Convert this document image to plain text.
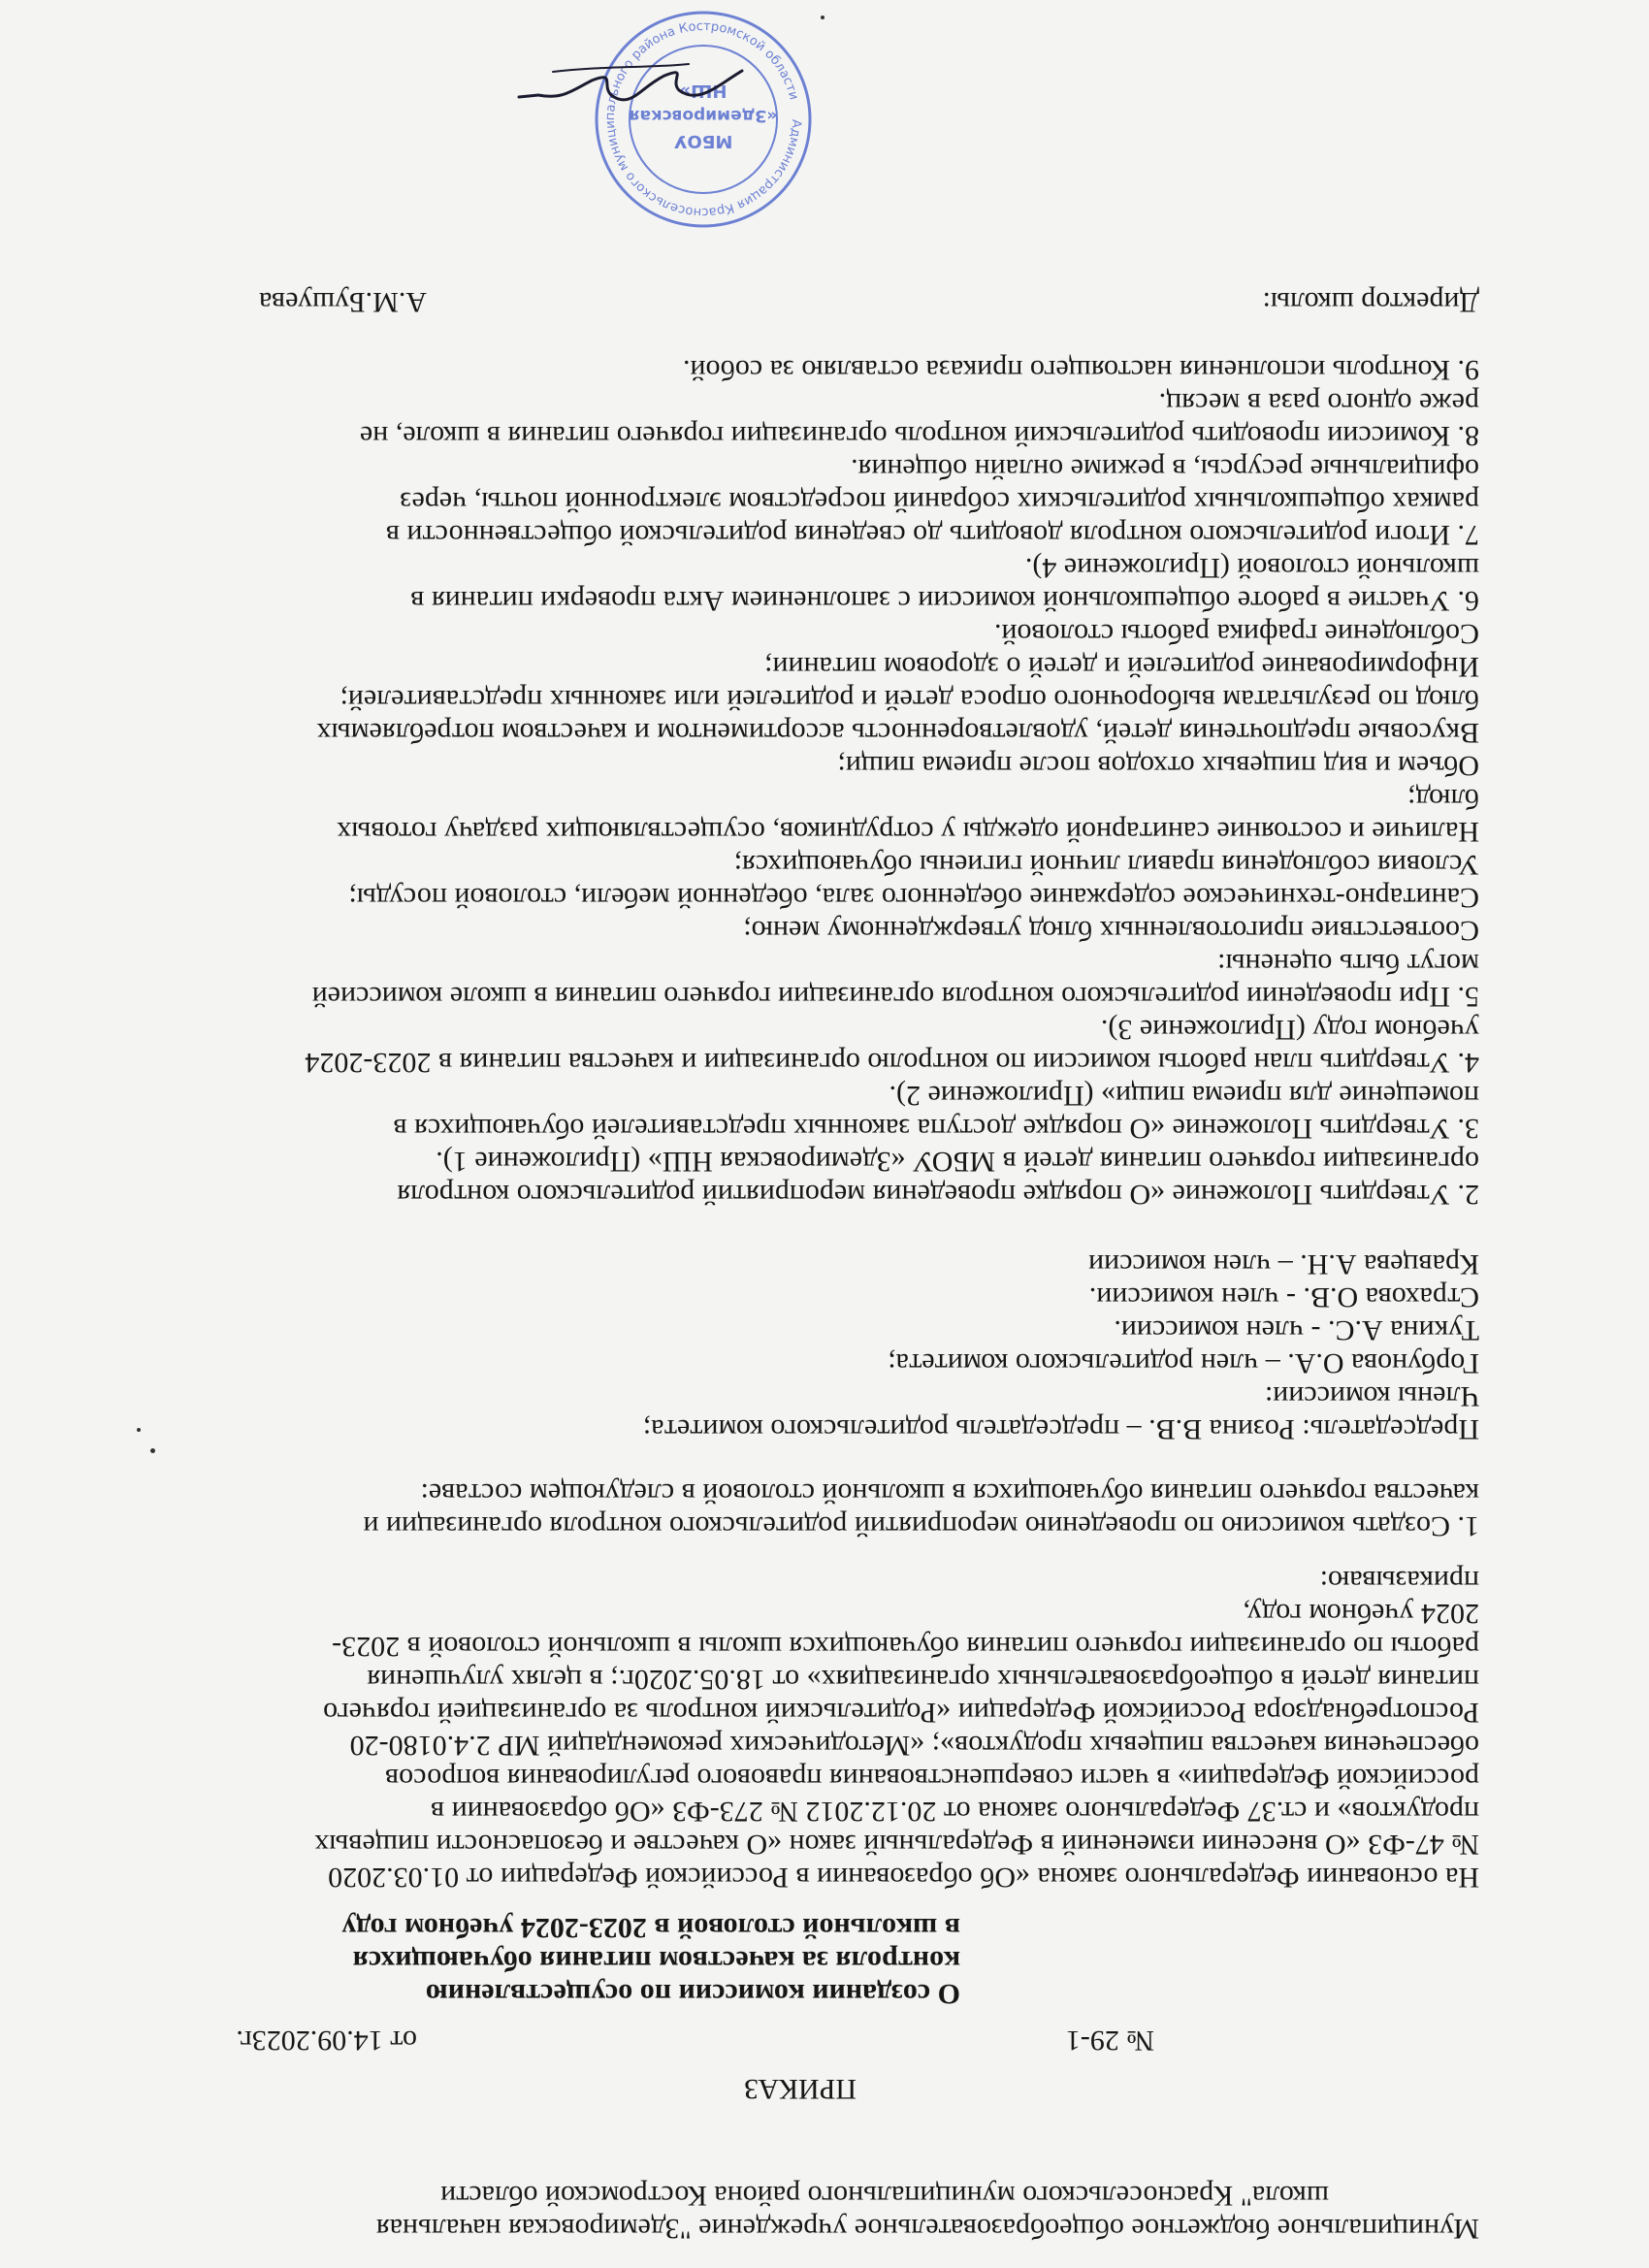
Муниципальное бюджетное общеобразовательное учреждение "Здемировская начальная

школа" Красносельского муниципального района Костромской области

ПРИКАЗ

№ 29-1

от 14.09.2023г.

О создании комиссии по осуществлению

контроля за качеством питания обучающихся

в школьной столовой в 2023-2024 учебном году

На основании Федерального закона «Об образовании в Российской Федерации от 01.03.2020

№ 47-ФЗ «О внесении изменений в Федеральный закон «О качестве и безопасности пищевых

продуктов» и ст.37 Федерального закона от 20.12.2012 № 273-ФЗ «Об образовании в

российской Федерации» в части совершенствования правового регулирования вопросов

обеспечения качества пищевых продуктов»; «Методических рекомендаций МР 2.4.0180-20

Роспотребнадзора Российской Федерации «Родительский контроль за организацией горячего

питания детей в общеобразовательных организациях» от 18.05.2020г.; в целях улучшения

работы по организации горячего питания обучающихся школы в школьной столовой в 2023-

2024 учебном году,

приказываю:

1. Создать комиссию по проведению мероприятий родительского контроля организации и

качества горячего питания обучающихся в школьной столовой в следующем составе:

Председатель: Розина В.В. – председатель родительского комитета;

Члены комиссии:

Горбунова О.А. – член родительского комитета;

Тукина А.С. - член комиссии.

Страхова О.В. - член комиссии.

Кравцева А.Н. – член комиссии

2. Утвердить Положение «О порядке проведения мероприятий родительского контроля

организации горячего питания детей в МБОУ «Здемировская НШ» (Приложение 1).

3. Утвердить Положение «О порядке доступа законных представителей обучающихся в

помещение для приема пищи» (Приложение 2).

4. Утвердить план работы комиссии по контролю организации и качества питания в 2023-2024

учебном году (Приложение 3).

5. При проведении родительского контроля организации горячего питания в школе комиссией

могут быть оценены:

Соответствие приготовленных блюд утвержденному меню;

Санитарно-техническое содержание обеденного зала, обеденной мебели, столовой посуды;

Условия соблюдения правил личной гигиены обучающихся;

Наличие и состояние санитарной одежды у сотрудников, осуществляющих раздачу готовых

блюд;

Объем и вид пищевых отходов после приема пищи;

Вкусовые предпочтения детей, удовлетворенность ассортиментом и качеством потребляемых

блюд по результатам выборочного опроса детей и родителей или законных представителей;

Информирование родителей и детей о здоровом питании;

Соблюдение графика работы столовой.

6. Участие в работе общешкольной комиссии с заполнением Акта проверки питания в

школьной столовой (Приложение 4).

7. Итоги родительского контроля доводить до сведения родительской общественности в

рамках общешкольных родительских собраний посредством электронной почты, через

официальные ресурсы, в режиме онлайн общения.

8. Комиссии проводить родительский контроль организации горячего питания в школе, не

реже одного раза в месяц.

9. Контроль исполнения настоящего приказа оставляю за собой.

Директор школы:

А.М.Бушуева

Администрация Красносельского муниципального района Костромской области
МБОУ
«Здемировская
НШ»
